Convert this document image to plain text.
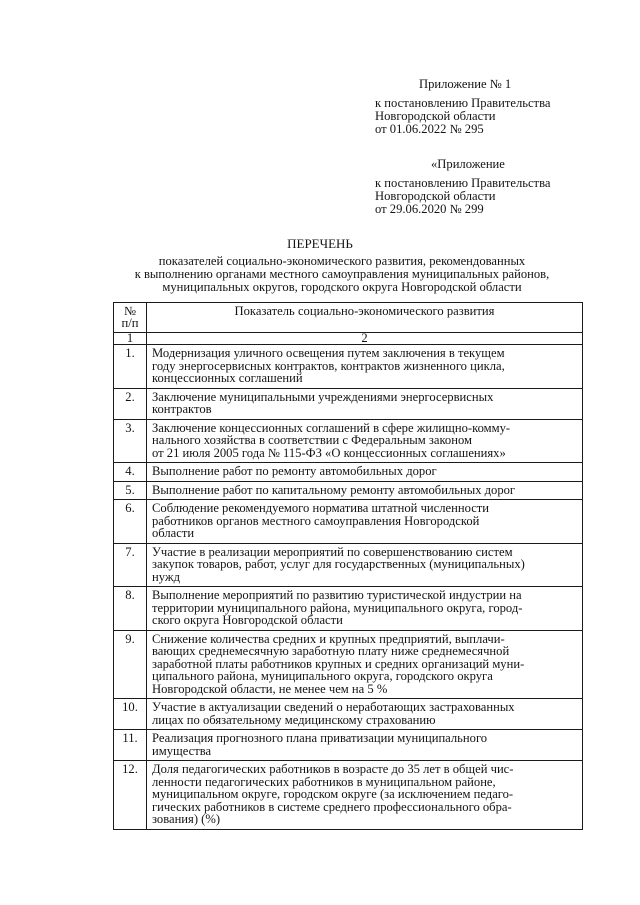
Приложение № 1
к постановлению Правительства
Новгородской области
от 01.06.2022 № 295
«Приложение
к постановлению Правительства
Новгородской области
от 29.06.2020 № 299
ПЕРЕЧЕНЬ
показателей социально-экономического развития, рекомендованных
к выполнению органами местного самоуправления муниципальных районов,
муниципальных округов, городского округа Новгородской области
№
п/п	Показатель социально-экономического развития
1	2
1.	Модернизация уличного освещения путем заключения в текущем
году энергосервисных контрактов, контрактов жизненного цикла,
концессионных соглашений

2.	Заключение муниципальными учреждениями энергосервисных
контрактов

3.	Заключение концессионных соглашений в сфере жилищно-комму-
нального хозяйства в соответствии с Федеральным законом
от 21 июля 2005 года № 115-ФЗ «О концессионных соглашениях»

4.	Выполнение работ по ремонту автомобильных дорог

5.	Выполнение работ по капитальному ремонту автомобильных дорог

6.	Соблюдение рекомендуемого норматива штатной численности
работников органов местного самоуправления Новгородской
области

7.	Участие в реализации мероприятий по совершенствованию систем
закупок товаров, работ, услуг для государственных (муниципальных)
нужд

8.	Выполнение мероприятий по развитию туристической индустрии на
территории муниципального района, муниципального округа, город-
ского округа Новгородской области

9.	Снижение количества средних и крупных предприятий, выплачи-
вающих среднемесячную заработную плату ниже среднемесячной
заработной платы работников крупных и средних организаций муни-
ципального района, муниципального округа, городского округа
Новгородской области, не менее чем на 5 %

10.	Участие в актуализации сведений о неработающих застрахованных
лицах по обязательному медицинскому страхованию

11.	Реализация прогнозного плана приватизации муниципального
имущества

12.	Доля педагогических работников в возрасте до 35 лет в общей чис-
ленности педагогических работников в муниципальном районе,
муниципальном округе, городском округе (за исключением педаго-
гических работников в системе среднего профессионального обра-
зования) (%)
